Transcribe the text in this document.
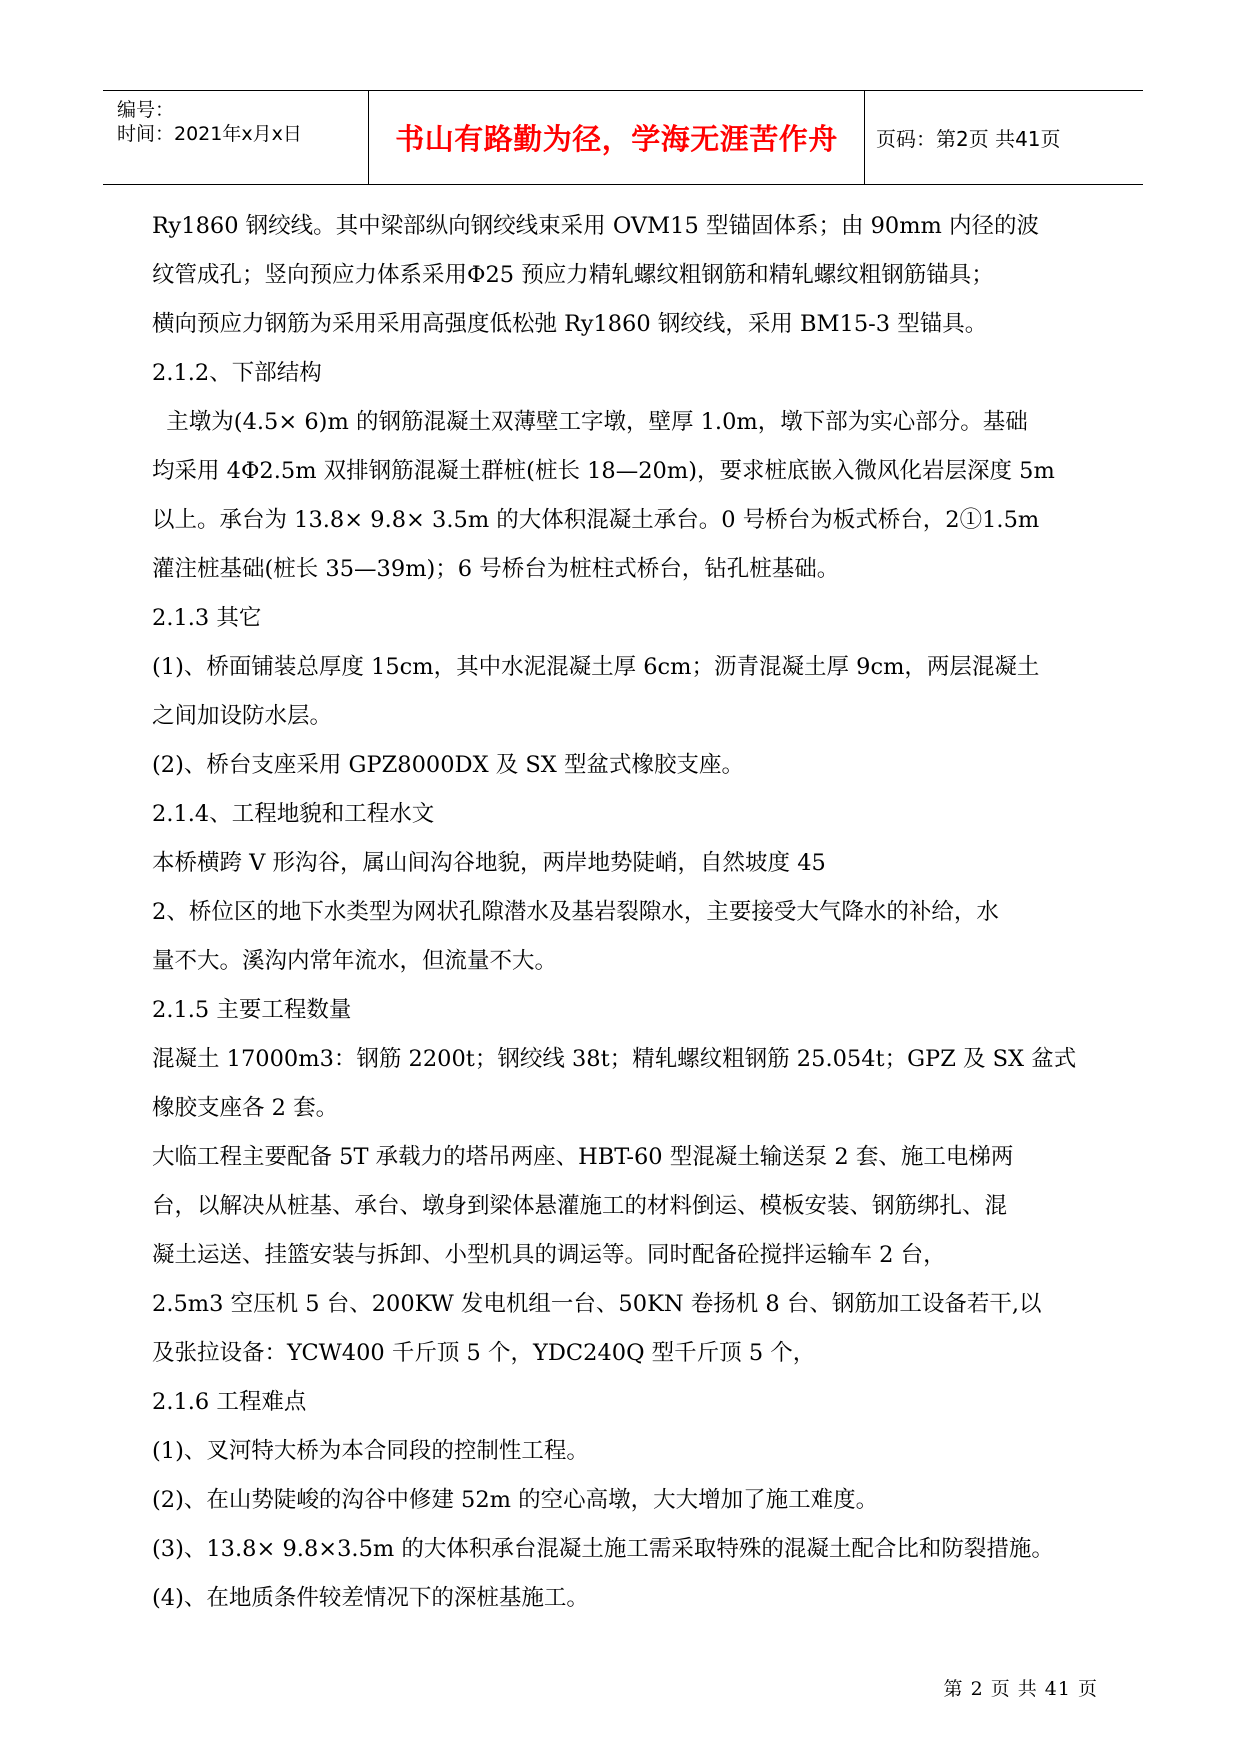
编号：
时间：2021年x月x日	书山有路勤为径，学海无涯苦作舟 页码：第2页 共41页

Ry1860 钢绞线。其中梁部纵向钢绞线束采用 OVM15 型锚固体系；由 90mm 内径的波

纹管成孔；竖向预应力体系采用Φ25 预应力精轧螺纹粗钢筋和精轧螺纹粗钢筋锚具；

横向预应力钢筋为采用采用高强度低松弛 Ry1860 钢绞线，采用 BM15-3 型锚具。

2.1.2、下部结构

主墩为(4.5× 6)m 的钢筋混凝土双薄壁工字墩，壁厚 1.0m，墩下部为实心部分。基础

均采用 4Φ2.5m 双排钢筋混凝土群桩(桩长 18—20m)，要求桩底嵌入微风化岩层深度 5m

以上。承台为 13.8× 9.8× 3.5m 的大体积混凝土承台。0 号桥台为板式桥台，2①1.5m

灌注桩基础(桩长 35—39m)；6 号桥台为桩柱式桥台，钻孔桩基础。

2.1.3 其它

(1)、桥面铺装总厚度 15cm，其中水泥混凝土厚 6cm；沥青混凝土厚 9cm，两层混凝土

之间加设防水层。

(2)、桥台支座采用 GPZ8000DX 及 SX 型盆式橡胶支座。

2.1.4、工程地貌和工程水文

本桥横跨 V 形沟谷，属山间沟谷地貌，两岸地势陡峭，自然坡度 45

2、桥位区的地下水类型为网状孔隙潜水及基岩裂隙水，主要接受大气降水的补给，水

量不大。溪沟内常年流水，但流量不大。

2.1.5 主要工程数量

混凝土 17000m3：钢筋 2200t；钢绞线 38t；精轧螺纹粗钢筋 25.054t；GPZ 及 SX 盆式

橡胶支座各 2 套。

大临工程主要配备 5T 承载力的塔吊两座、HBT-60 型混凝土输送泵 2 套、施工电梯两

台，以解决从桩基、承台、墩身到梁体悬灌施工的材料倒运、模板安装、钢筋绑扎、混

凝土运送、挂篮安装与拆卸、小型机具的调运等。同时配备砼搅拌运输车 2 台，

2.5m3 空压机 5 台、200KW 发电机组一台、50KN 卷扬机 8 台、钢筋加工设备若干,以

及张拉设备：YCW400 千斤顶 5 个，YDC240Q 型千斤顶 5 个，

2.1.6 工程难点

(1)、叉河特大桥为本合同段的控制性工程。

(2)、在山势陡峻的沟谷中修建 52m 的空心高墩，大大增加了施工难度。

(3)、13.8× 9.8×3.5m 的大体积承台混凝土施工需采取特殊的混凝土配合比和防裂措施。

(4)、在地质条件较差情况下的深桩基施工。

第 2 页 共 41 页
